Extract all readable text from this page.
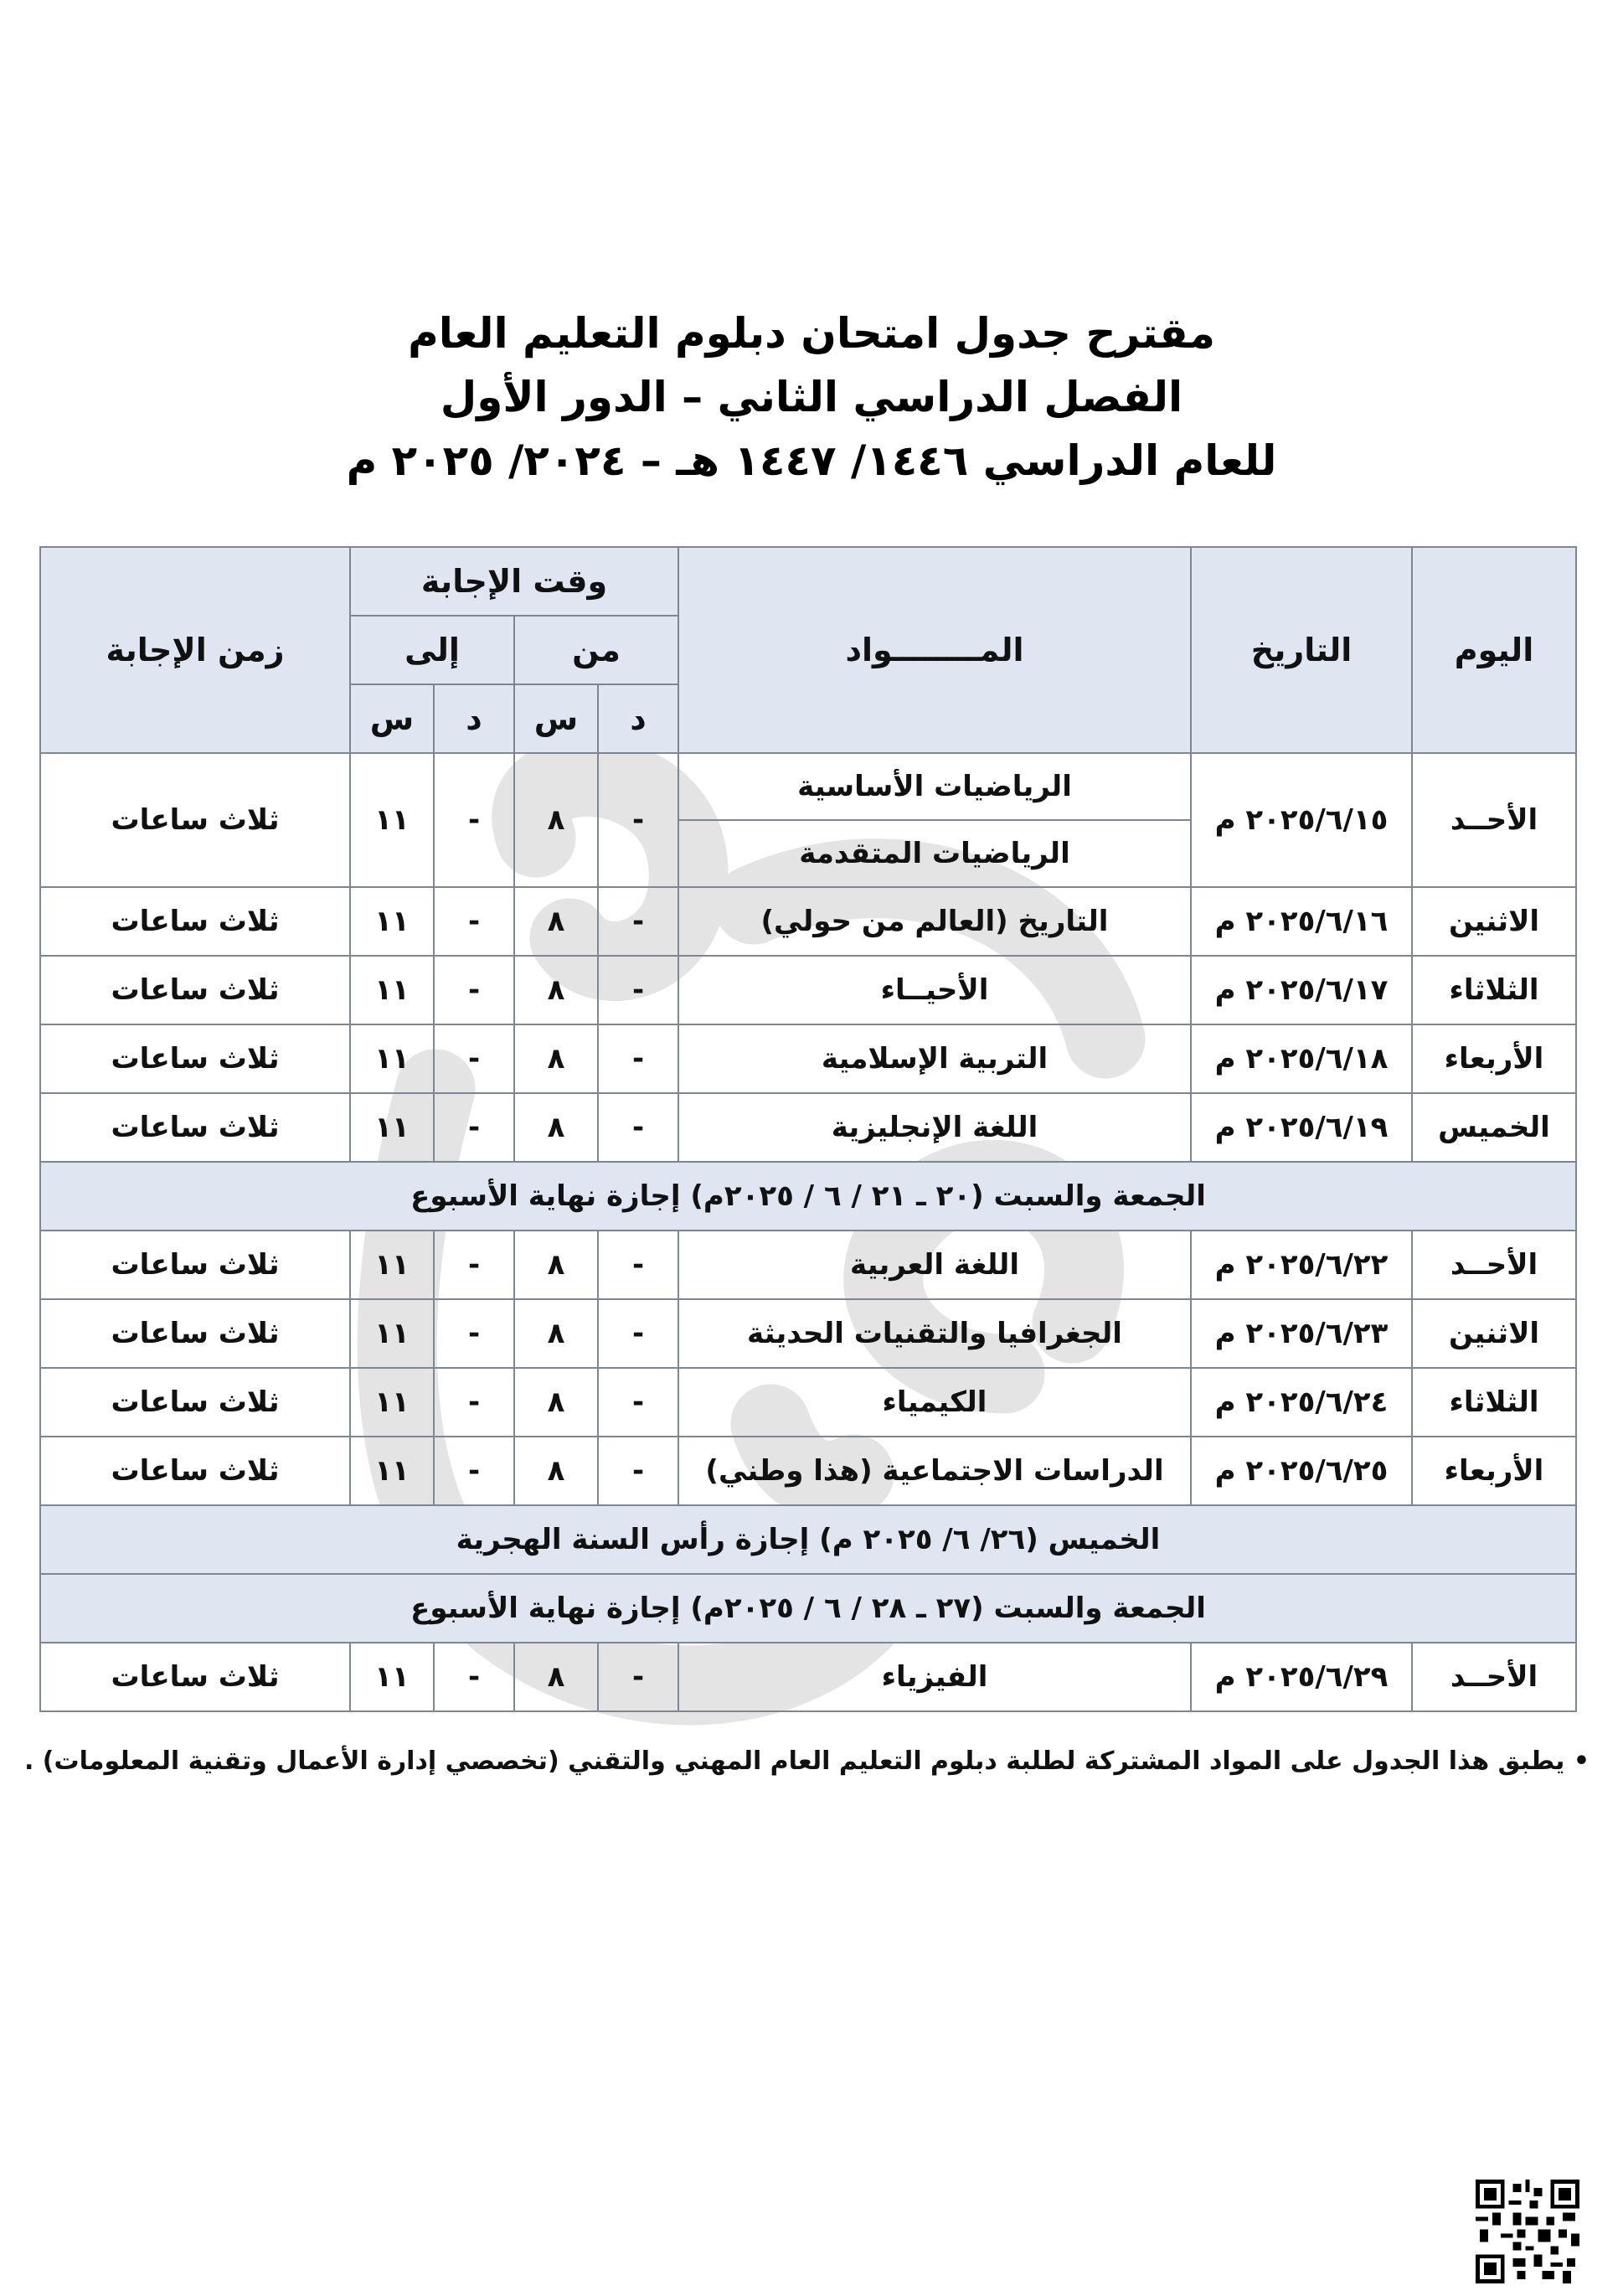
مقترح جدول امتحان دبلوم التعليم العام
الفصل الدراسي الثاني – الدور الأول
للعام الدراسي ١٤٤٦/ ١٤٤٧ هـ – ٢٠٢٤/ ٢٠٢٥ م
اليوم	التاريخ	المــــــــواد	وقت الإجابة				زمن الإجابة
			من		إلى		
			د	س	د	س	
الأحــد	٢٠٢٥/٦/١٥ م	الرياضيات الأساسية	-	٨	-	١١	ثلاث ساعات
		الرياضيات المتقدمة					
الاثنين	٢٠٢٥/٦/١٦ م	التاريخ (العالم من حولي)	-	٨	-	١١	ثلاث ساعات
الثلاثاء	٢٠٢٥/٦/١٧ م	الأحيــاء	-	٨	-	١١	ثلاث ساعات
الأربعاء	٢٠٢٥/٦/١٨ م	التربية الإسلامية	-	٨	-	١١	ثلاث ساعات
الخميس	٢٠٢٥/٦/١٩ م	اللغة الإنجليزية	-	٨	-	١١	ثلاث ساعات
الجمعة والسبت (٢٠ ـ ٢١ / ٦ / ٢٠٢٥م) إجازة نهاية الأسبوع							
الأحــد	٢٠٢٥/٦/٢٢ م	اللغة العربية	-	٨	-	١١	ثلاث ساعات
الاثنين	٢٠٢٥/٦/٢٣ م	الجغرافيا والتقنيات الحديثة	-	٨	-	١١	ثلاث ساعات
الثلاثاء	٢٠٢٥/٦/٢٤ م	الكيمياء	-	٨	-	١١	ثلاث ساعات
الأربعاء	٢٠٢٥/٦/٢٥ م	الدراسات الاجتماعية (هذا وطني)	-	٨	-	١١	ثلاث ساعات
الخميس (٢٦/ ٦/ ٢٠٢٥ م) إجازة رأس السنة الهجرية							
الجمعة والسبت (٢٧ ـ ٢٨ / ٦ / ٢٠٢٥م) إجازة نهاية الأسبوع							
الأحــد	٢٠٢٥/٦/٢٩ م	الفيزياء	-	٨	-	١١	ثلاث ساعات
• يطبق هذا الجدول على المواد المشتركة لطلبة دبلوم التعليم العام المهني والتقني (تخصصي إدارة الأعمال وتقنية المعلومات) .
